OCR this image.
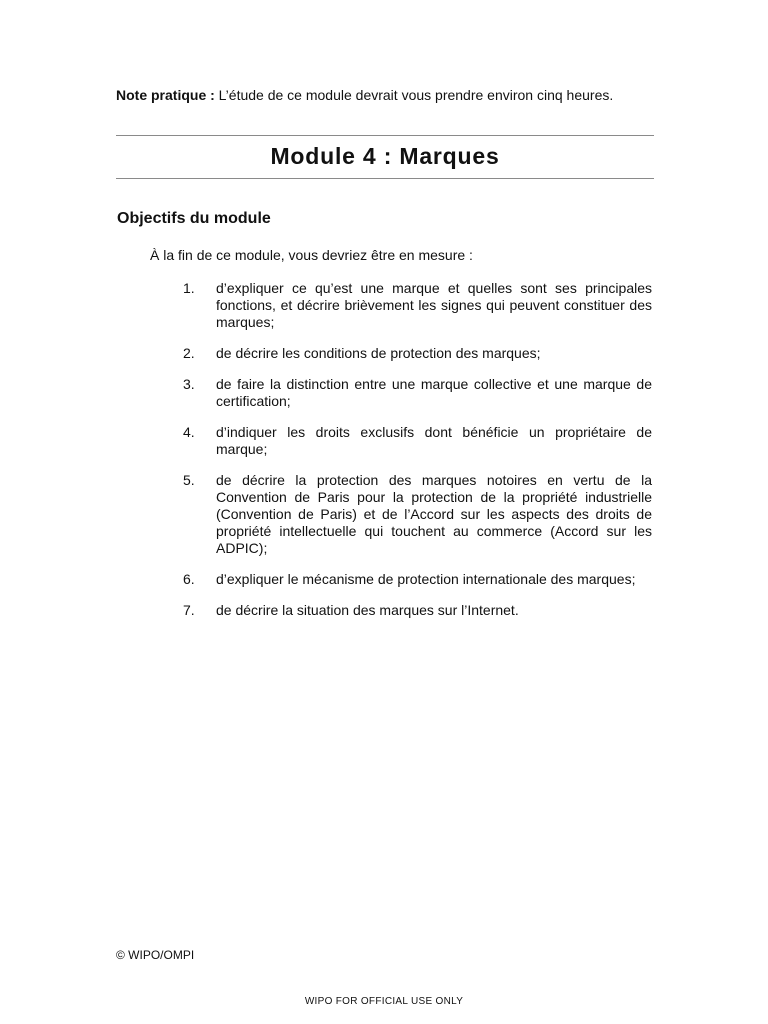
Note pratique : L’étude de ce module devrait vous prendre environ cinq heures.
Module 4 : Marques
Objectifs du module
À la fin de ce module, vous devriez être en mesure :
1.	d’expliquer ce qu’est une marque et quelles sont ses principales fonctions, et décrire brièvement les signes qui peuvent constituer des marques;
2.	de décrire les conditions de protection des marques;
3.	de faire la distinction entre une marque collective et une marque de certification;
4.	d’indiquer les droits exclusifs dont bénéficie un propriétaire de marque;
5.	de décrire la protection des marques notoires en vertu de la Convention de Paris pour la protection de la propriété industrielle (Convention de Paris) et de l’Accord sur les aspects des droits de propriété intellectuelle qui touchent au commerce (Accord sur les ADPIC);
6.	d’expliquer le mécanisme de protection internationale des marques;
7.	de décrire la situation des marques sur l’Internet.
© WIPO/OMPI
WIPO FOR OFFICIAL USE ONLY
